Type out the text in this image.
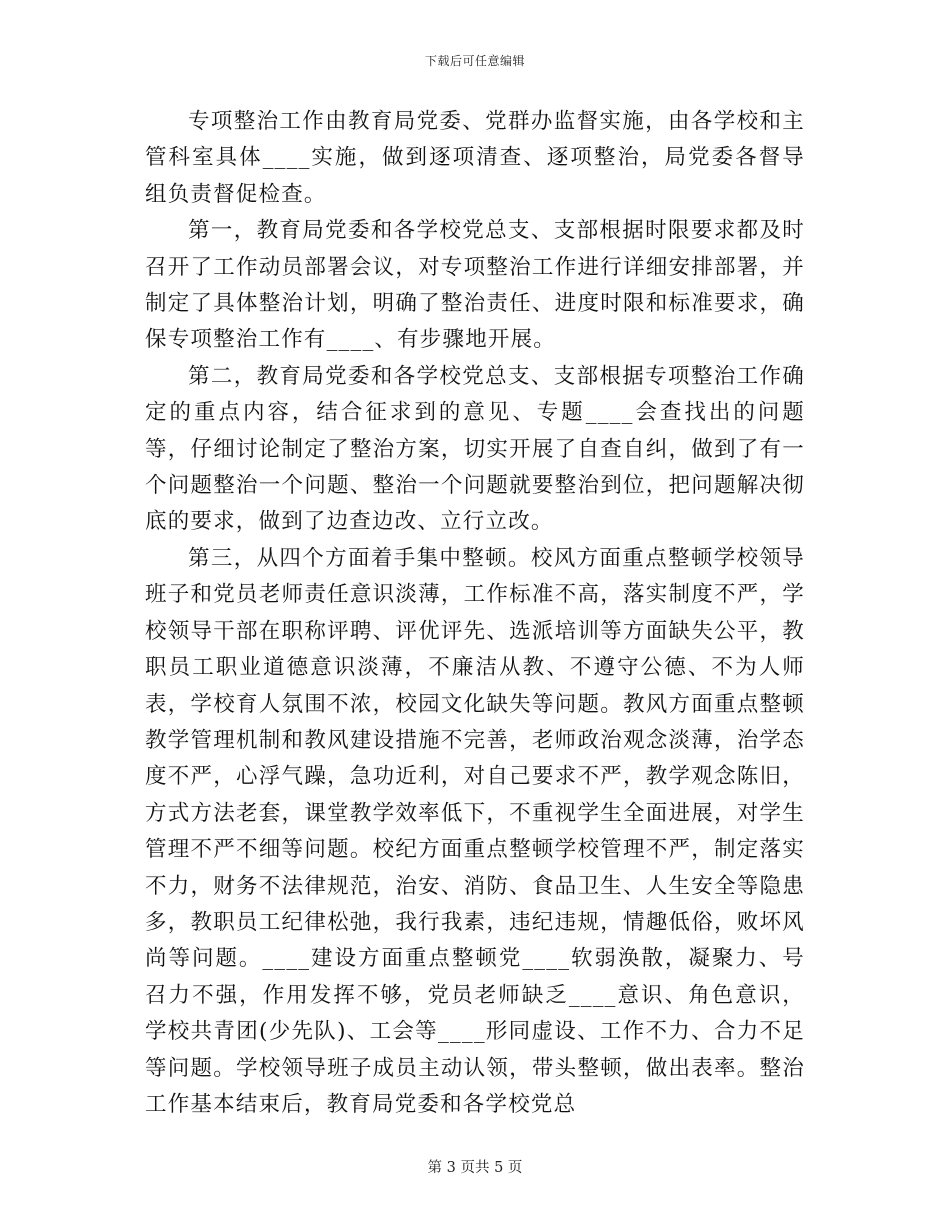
下载后可任意编辑

专项整治工作由教育局党委、党群办监督实施，由各学校和主管科室具体____实施，做到逐项清查、逐项整治，局党委各督导组负责督促检查。

第一，教育局党委和各学校党总支、支部根据时限要求都及时召开了工作动员部署会议，对专项整治工作进行详细安排部署，并制定了具体整治计划，明确了整治责任、进度时限和标准要求，确保专项整治工作有____、有步骤地开展。

第二，教育局党委和各学校党总支、支部根据专项整治工作确定的重点内容，结合征求到的意见、专题____会查找出的问题等，仔细讨论制定了整治方案，切实开展了自查自纠，做到了有一个问题整治一个问题、整治一个问题就要整治到位，把问题解决彻底的要求，做到了边查边改、立行立改。

第三，从四个方面着手集中整顿。校风方面重点整顿学校领导班子和党员老师责任意识淡薄，工作标准不高，落实制度不严，学校领导干部在职称评聘、评优评先、选派培训等方面缺失公平，教职员工职业道德意识淡薄，不廉洁从教、不遵守公德、不为人师表，学校育人氛围不浓，校园文化缺失等问题。教风方面重点整顿教学管理机制和教风建设措施不完善，老师政治观念淡薄，治学态度不严，心浮气躁，急功近利，对自己要求不严，教学观念陈旧，方式方法老套，课堂教学效率低下，不重视学生全面进展，对学生管理不严不细等问题。校纪方面重点整顿学校管理不严，制定落实不力，财务不法律规范，治安、消防、食品卫生、人生安全等隐患多，教职员工纪律松弛，我行我素，违纪违规，情趣低俗，败坏风尚等问题。____建设方面重点整顿党____软弱涣散，凝聚力、号召力不强，作用发挥不够，党员老师缺乏____意识、角色意识，学校共青团(少先队)、工会等____形同虚设、工作不力、合力不足等问题。学校领导班子成员主动认领，带头整顿，做出表率。整治工作基本结束后，教育局党委和各学校党总

第 3 页共 5 页
